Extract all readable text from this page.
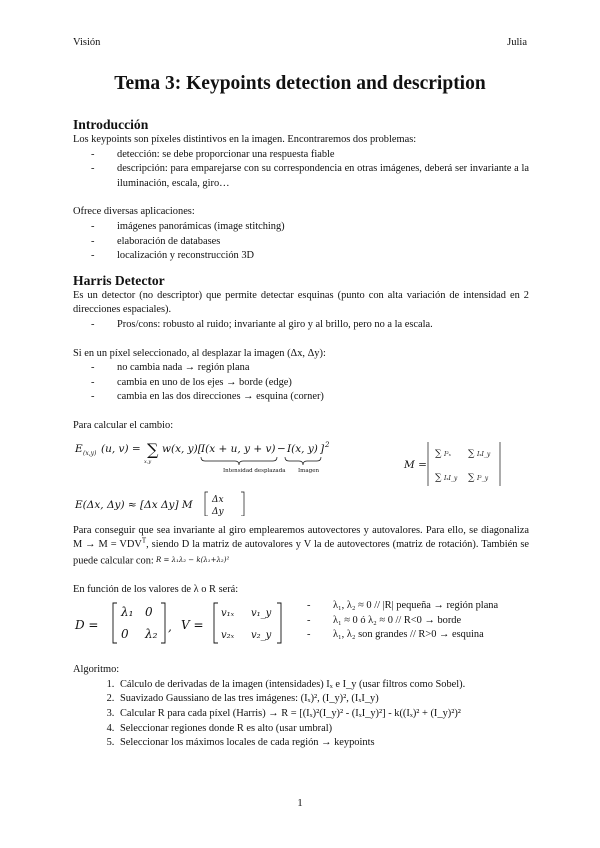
Visión	Julia
Tema 3: Keypoints detection and description
Introducción

Los keypoints son píxeles distintivos en la imagen. Encontraremos dos problemas:

- detección: se debe proporcionar una respuesta fiable
- descripción: para emparejarse con su correspondencia en otras imágenes, deberá ser invariante a la iluminación, escala, giro…

Ofrece diversas aplicaciones:

- imágenes panorámicas (image stitching)
- elaboración de databases
- localización y reconstrucción 3D
Harris Detector

Es un detector (no descriptor) que permite detectar esquinas (punto con alta variación de intensidad en 2 direcciones espaciales).

- Pros/cons: robusto al ruido; invariante al giro y al brillo, pero no a la escala.

Si en un píxel seleccionado, al desplazar la imagen (Δx, Δy):

- no cambia nada → región plana
- cambia en uno de los ejes → borde (edge)
- cambia en las dos direcciones → esquina (corner)

Para calcular el cambio:

E (x,y) (u, v) = ∑
x,y
w(x, y)[ I(x + u, y + v) − I(x, y) ] 2
E(Δx, Δy) ≈ [Δx Δy] M
M =
Intensidad desplazada Imagen
Δx
Δy
∑ I²ₓ ∑ IₓI_y
∑ IₓI_y ∑ I²_y

Para conseguir que sea invariante al giro emplearemos autovectores y autovalores. Para ello, se diagonaliza $M \to M = VDV^T$, siendo D la matriz de autovalores y V la de autovectores (matriz de rotación). También se puede calcular con: R = λ₁λ₂ − k(λ₁+λ₂)²

En función de los valores de λ o R será:

D =
λ₁ 0
0 λ₂ , V =
v₁ₓ v₁_y
v₂ₓ v₂_y
- λ₁, λ₂ ≈ 0 // |R| pequeña → región plana
- λ₁ ≈ 0 ó λ₂ ≈ 0 // R<0 → borde
- λ₁, λ₂ son grandes // R>0 → esquina

Algoritmo:

1. Cálculo de derivadas de la imagen (intensidades) Iₓ e I_y (usar filtros como Sobel).
2. Suavizado Gaussiano de las tres imágenes: (Iₓ)², (I_y)², (IₓI_y)
3. Calcular R para cada píxel (Harris) → R = [(Iₓ)²(I_y)² - (IₓI_y)²] - k((Iₓ)² + (I_y)²)²
4. Seleccionar regiones donde R es alto (usar umbral)
5. Seleccionar los máximos locales de cada región → keypoints
1
